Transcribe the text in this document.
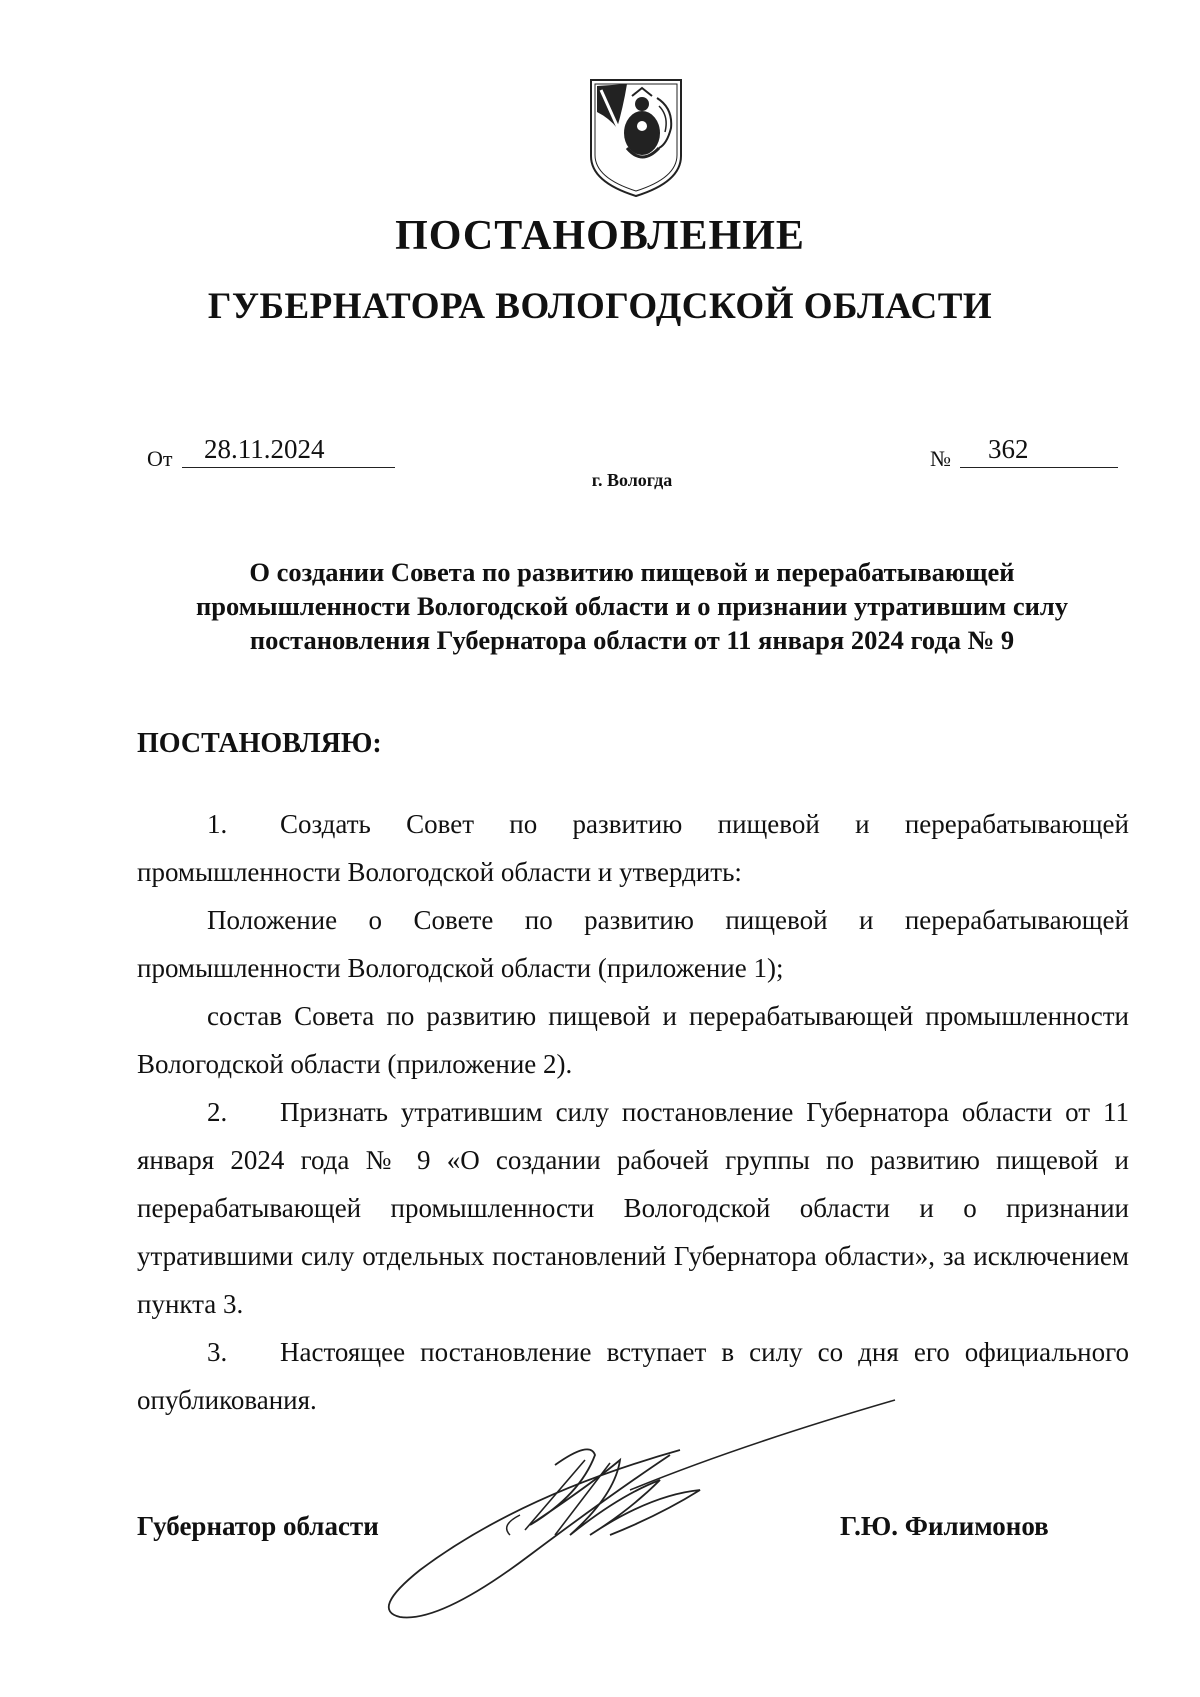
ПОСТАНОВЛЕНИЕ
ГУБЕРНАТОРА ВОЛОГОДСКОЙ ОБЛАСТИ
От	28.11.2024	№	362
г. Вологда
О создании Совета по развитию пищевой и перерабатывающей
промышленности Вологодской области и о признании утратившим силу
постановления Губернатора области от 11 января 2024 года № 9
ПОСТАНОВЛЯЮ:

1. Создать Совет по развитию пищевой и перерабатывающей промышленности Вологодской области и утвердить:

Положение о Совете по развитию пищевой и перерабатывающей промышленности Вологодской области (приложение 1);

состав Совета по развитию пищевой и перерабатывающей промышленности Вологодской области (приложение 2).

2. Признать утратившим силу постановление Губернатора области от 11 января 2024 года № 9 «О создании рабочей группы по развитию пищевой и перерабатывающей промышленности Вологодской области и о признании утратившими силу отдельных постановлений Губернатора области», за исключением пункта 3.

3. Настоящее постановление вступает в силу со дня его официального опубликования.

Губернатор области	Г.Ю. Филимонов
